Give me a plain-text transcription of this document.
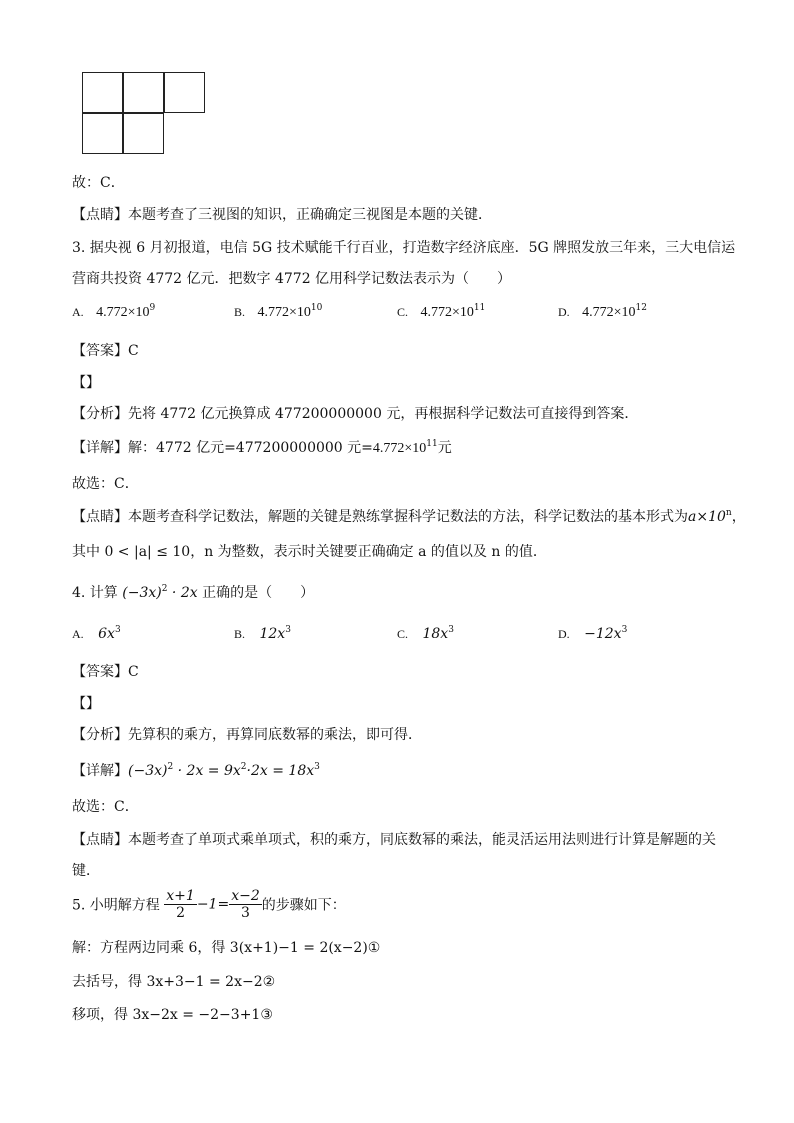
故：C．
【点睛】本题考查了三视图的知识，正确确定三视图是本题的关键．
3. 据央视 6 月初报道，电信 5G 技术赋能千行百业，打造数字经济底座．5G 牌照发放三年来，三大电信运
营商共投资 4772 亿元．把数字 4772 亿用科学记数法表示为（　　）
A. $4.772\times 10^9$	B. $4.772\times 10^{10}$	C. $4.772\times 10^{11}$	D. $4.772\times 10^{12}$
【答案】C
【】
【分析】先将 4772 亿元换算成 477200000000 元，再根据科学记数法可直接得到答案．
【详解】解：4772 亿元=477200000000 元$=4.772\times 10^{11}$元
故选：C．
【点睛】本题考查科学记数法，解题的关键是熟练掌握科学记数法的方法，科学记数法的基本形式为$a\times 10^n$，
其中 0 < |a| ≤ 10，n 为整数，表示时关键要正确确定 a 的值以及 n 的值．
4. 计算 $(-3x)^2 \cdot 2x$ 正确的是（　　）
A. $6x^3$	B. $12x^3$	C. $18x^3$	D. $-12x^3$
【答案】C
【】
【分析】先算积的乘方，再算同底数幂的乘法，即可得．
【详解】$(-3x)^2 \cdot 2x = 9x^2\cdot 2x = 18x^3$
故选：C．
【点睛】本题考查了单项式乘单项式，积的乘方，同底数幂的乘法，能灵活运用法则进行计算是解题的关
键．
5. 小明解方程 $\frac{x+1}{2} -1= \frac{x-2}{3}$ 的步骤如下：
解：方程两边同乘 6，得 3(x+1)−1 = 2(x−2)①
去括号，得 3x+3−1 = 2x−2②
移项，得 3x−2x = −2−3+1③
